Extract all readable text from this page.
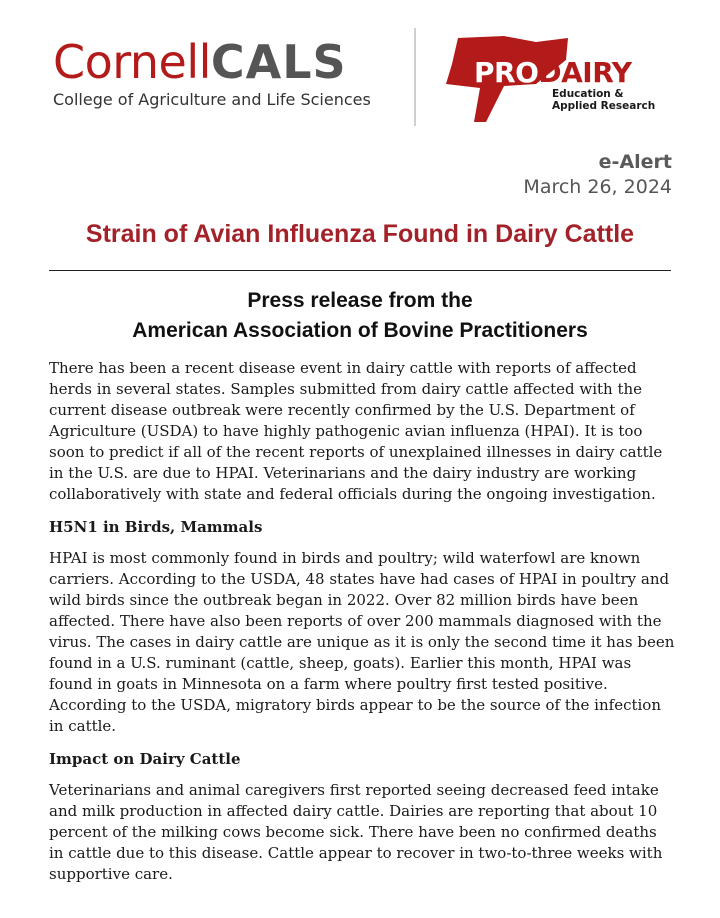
CornellCALS
College of Agriculture and Life Sciences
PRODAIRY
Education &
Applied Research
e-Alert
March 26, 2024
Strain of Avian Influenza Found in Dairy Cattle
Press release from the
American Association of Bovine Practitioners

There has been a recent disease event in dairy cattle with reports of affected herds in several states. Samples submitted from dairy cattle affected with the current disease outbreak were recently confirmed by the U.S. Department of Agriculture (USDA) to have highly pathogenic avian influenza (HPAI). It is too soon to predict if all of the recent reports of unexplained illnesses in dairy cattle in the U.S. are due to HPAI. Veterinarians and the dairy industry are working collaboratively with state and federal officials during the ongoing investigation.

H5N1 in Birds, Mammals

HPAI is most commonly found in birds and poultry; wild waterfowl are known carriers. According to the USDA, 48 states have had cases of HPAI in poultry and wild birds since the outbreak began in 2022. Over 82 million birds have been affected. There have also been reports of over 200 mammals diagnosed with the virus. The cases in dairy cattle are unique as it is only the second time it has been found in a U.S. ruminant (cattle, sheep, goats). Earlier this month, HPAI was found in goats in Minnesota on a farm where poultry first tested positive. According to the USDA, migratory birds appear to be the source of the infection in cattle.

Impact on Dairy Cattle

Veterinarians and animal caregivers first reported seeing decreased feed intake and milk production in affected dairy cattle. Dairies are reporting that about 10 percent of the milking cows become sick. There have been no confirmed deaths in cattle due to this disease. Cattle appear to recover in two-to-three weeks with supportive care.
